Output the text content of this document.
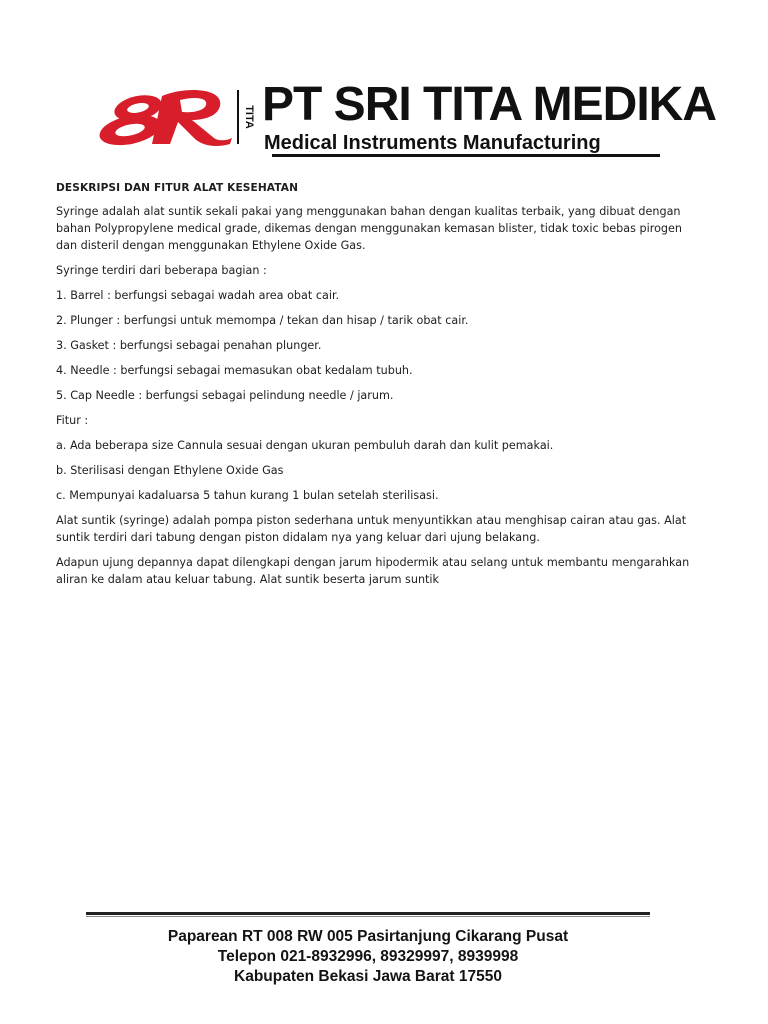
TITA PT SRI TITA MEDIKA
Medical Instruments Manufacturing
DESKRIPSI DAN FITUR ALAT KESEHATAN

Syringe adalah alat suntik sekali pakai yang menggunakan bahan dengan kualitas terbaik, yang dibuat dengan bahan Polypropylene medical grade, dikemas dengan menggunakan kemasan blister, tidak toxic bebas pirogen dan disteril dengan menggunakan Ethylene Oxide Gas.

Syringe terdiri dari beberapa bagian :

1. Barrel : berfungsi sebagai wadah area obat cair.

2. Plunger : berfungsi untuk memompa / tekan dan hisap / tarik obat cair.

3. Gasket : berfungsi sebagai penahan plunger.

4. Needle : berfungsi sebagai memasukan obat kedalam tubuh.

5. Cap Needle : berfungsi sebagai pelindung needle / jarum.

Fitur :

a. Ada beberapa size Cannula sesuai dengan ukuran pembuluh darah dan kulit pemakai.

b. Sterilisasi dengan Ethylene Oxide Gas

c. Mempunyai kadaluarsa 5 tahun kurang 1 bulan setelah sterilisasi.

Alat suntik (syringe) adalah pompa piston sederhana untuk menyuntikkan atau menghisap cairan atau gas. Alat suntik terdiri dari tabung dengan piston didalam nya yang keluar dari ujung belakang.

Adapun ujung depannya dapat dilengkapi dengan jarum hipodermik atau selang untuk membantu mengarahkan aliran ke dalam atau keluar tabung. Alat suntik beserta jarum suntik

Paparean RT 008 RW 005 Pasirtanjung Cikarang Pusat
Telepon 021-8932996, 89329997, 8939998
Kabupaten Bekasi Jawa Barat 17550
